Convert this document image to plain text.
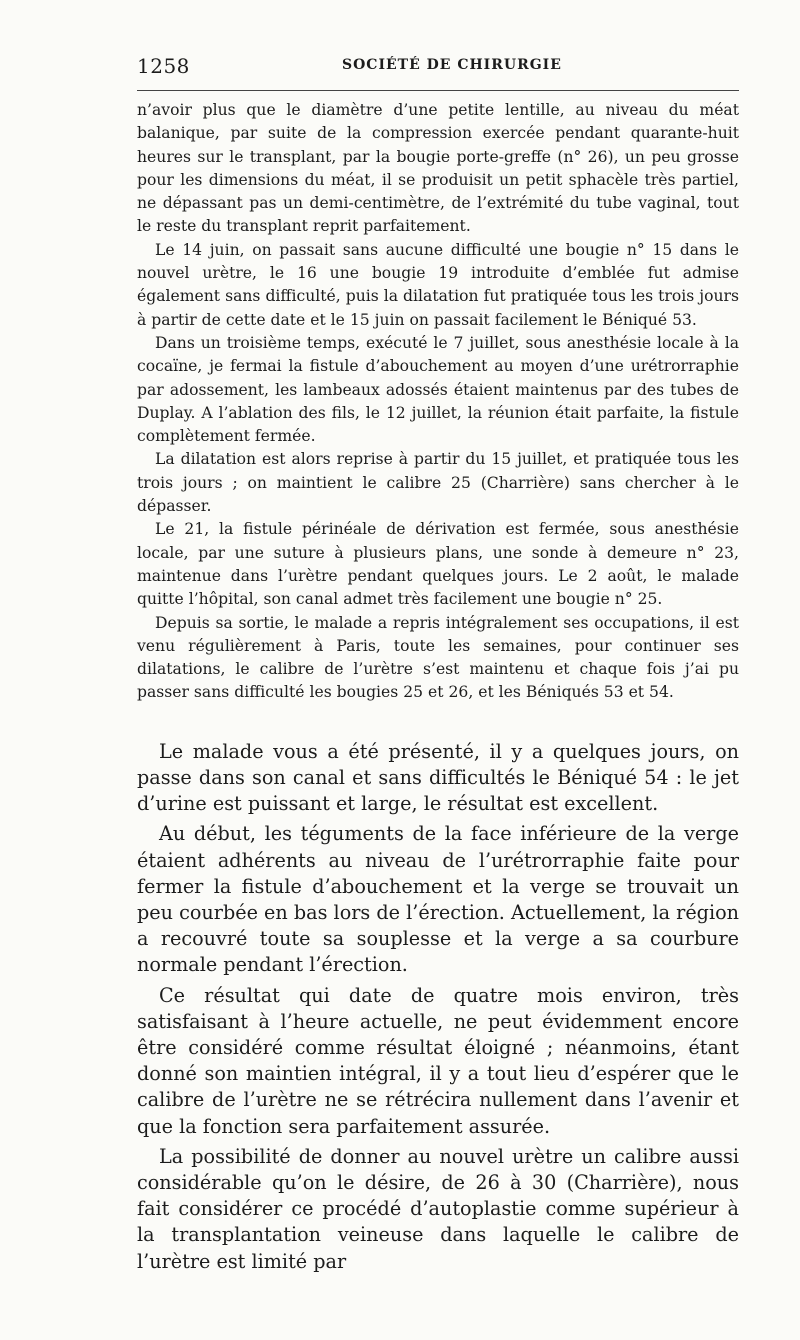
1258	SOCIÉTÉ DE CHIRURGIE

n’avoir plus que le diamètre d’une petite lentille, au niveau du méat balanique, par suite de la compression exercée pendant quarante-huit heures sur le transplant, par la bougie porte-greffe (n° 26), un peu grosse pour les dimensions du méat, il se produisit un petit sphacèle très partiel, ne dépassant pas un demi-centimètre, de l’extrémité du tube vaginal, tout le reste du transplant reprit parfaitement.

Le 14 juin, on passait sans aucune difficulté une bougie n° 15 dans le nouvel urètre, le 16 une bougie 19 introduite d’emblée fut admise également sans difficulté, puis la dilatation fut pratiquée tous les trois jours à partir de cette date et le 15 juin on passait facilement le Béniqué 53.

Dans un troisième temps, exécuté le 7 juillet, sous anesthésie locale à la cocaïne, je fermai la fistule d’abouchement au moyen d’une urétrorraphie par adossement, les lambeaux adossés étaient maintenus par des tubes de Duplay. A l’ablation des fils, le 12 juillet, la réunion était parfaite, la fistule complètement fermée.

La dilatation est alors reprise à partir du 15 juillet, et pratiquée tous les trois jours ; on maintient le calibre 25 (Charrière) sans chercher à le dépasser.

Le 21, la fistule périnéale de dérivation est fermée, sous anesthésie locale, par une suture à plusieurs plans, une sonde à demeure n° 23, maintenue dans l’urètre pendant quelques jours. Le 2 août, le malade quitte l’hôpital, son canal admet très facilement une bougie n° 25.

Depuis sa sortie, le malade a repris intégralement ses occupations, il est venu régulièrement à Paris, toute les semaines, pour continuer ses dilatations, le calibre de l’urètre s’est maintenu et chaque fois j’ai pu passer sans difficulté les bougies 25 et 26, et les Béniqués 53 et 54.

Le malade vous a été présenté, il y a quelques jours, on passe dans son canal et sans difficultés le Béniqué 54 : le jet d’urine est puissant et large, le résultat est excellent.

Au début, les téguments de la face inférieure de la verge étaient adhérents au niveau de l’urétrorraphie faite pour fermer la fistule d’abouchement et la verge se trouvait un peu courbée en bas lors de l’érection. Actuellement, la région a recouvré toute sa souplesse et la verge a sa courbure normale pendant l’érection.

Ce résultat qui date de quatre mois environ, très satisfaisant à l’heure actuelle, ne peut évidemment encore être considéré comme résultat éloigné ; néanmoins, étant donné son maintien intégral, il y a tout lieu d’espérer que le calibre de l’urètre ne se rétrécira nullement dans l’avenir et que la fonction sera parfaitement assurée.

La possibilité de donner au nouvel urètre un calibre aussi considérable qu’on le désire, de 26 à 30 (Charrière), nous fait considérer ce procédé d’autoplastie comme supérieur à la transplantation veineuse dans laquelle le calibre de l’urètre est limité par
